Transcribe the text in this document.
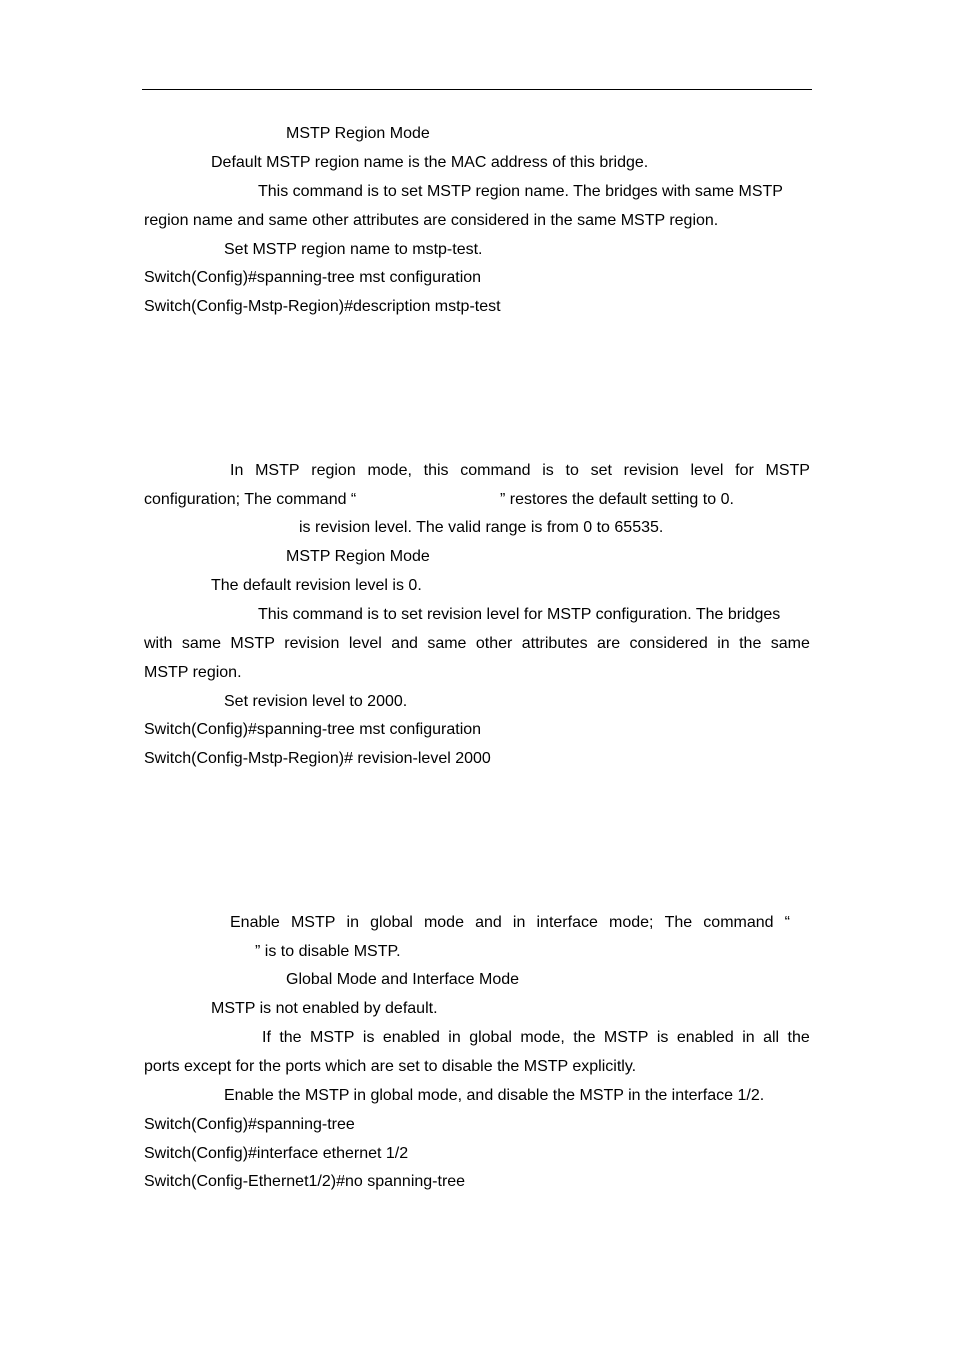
MSTP Region Mode
Default MSTP region name is the MAC address of this bridge.
This command is to set MSTP region name. The bridges with same MSTP
region name and same other attributes are considered in the same MSTP region.
Set MSTP region name to mstp-test.
Switch(Config)#spanning-tree mst configuration
Switch(Config-Mstp-Region)#description mstp-test
In MSTP region mode, this command is to set revision level for MSTP
configuration; The command “	” restores the default setting to 0.
is revision level. The valid range is from 0 to 65535.
MSTP Region Mode
The default revision level is 0.
This command is to set revision level for MSTP configuration. The bridges
with same MSTP revision level and same other attributes are considered in the same
MSTP region.
Set revision level to 2000.
Switch(Config)#spanning-tree mst configuration
Switch(Config-Mstp-Region)# revision-level 2000
Enable MSTP in global mode and in interface mode; The command “
” is to disable MSTP.
Global Mode and Interface Mode
MSTP is not enabled by default.
If the MSTP is enabled in global mode, the MSTP is enabled in all the
ports except for the ports which are set to disable the MSTP explicitly.
Enable the MSTP in global mode, and disable the MSTP in the interface 1/2.
Switch(Config)#spanning-tree
Switch(Config)#interface ethernet 1/2
Switch(Config-Ethernet1/2)#no spanning-tree
